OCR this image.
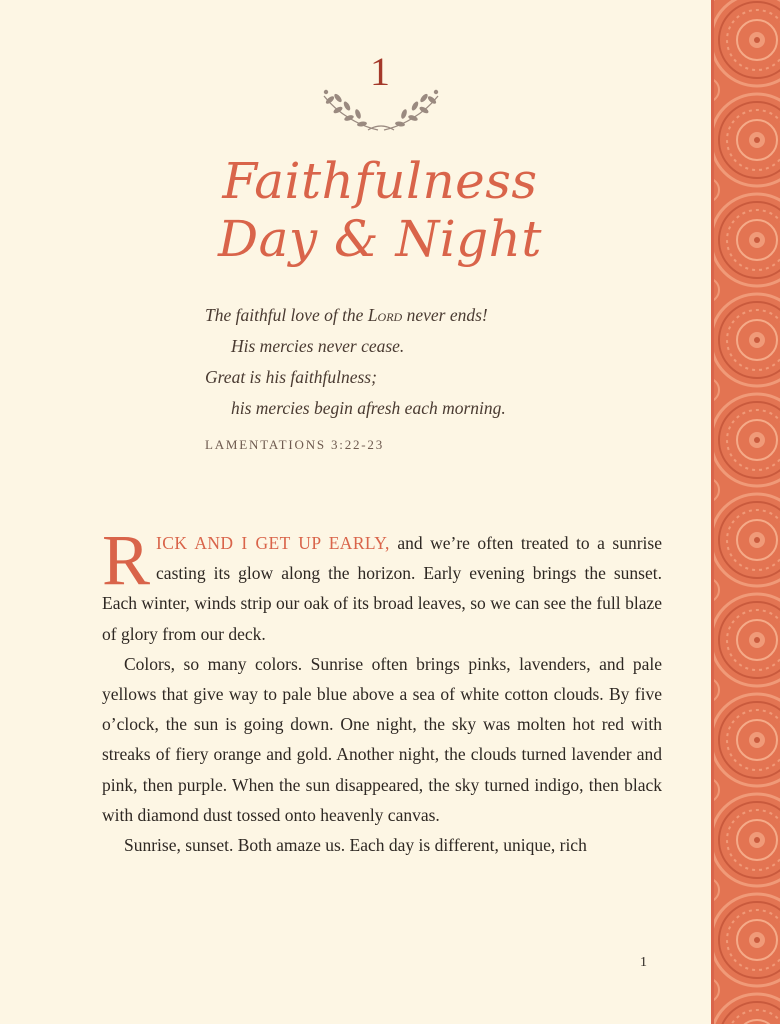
1
Faithfulness
Day & Night
The faithful love of the Lord never ends!
His mercies never cease.
Great is his faithfulness;
his mercies begin afresh each morning.
LAMENTATIONS 3:22-23

RICK AND I GET UP EARLY, and we’re often treated to a sunrise casting its glow along the horizon. Early evening brings the sunset. Each winter, winds strip our oak of its broad leaves, so we can see the full blaze of glory from our deck.

Colors, so many colors. Sunrise often brings pinks, lavenders, and pale yellows that give way to pale blue above a sea of white cotton clouds. By five o’clock, the sun is going down. One night, the sky was molten hot red with streaks of fiery orange and gold. Another night, the clouds turned lavender and pink, then purple. When the sun disappeared, the sky turned indigo, then black with diamond dust tossed onto heavenly canvas.

Sunrise, sunset. Both amaze us. Each day is different, unique, rich

1
